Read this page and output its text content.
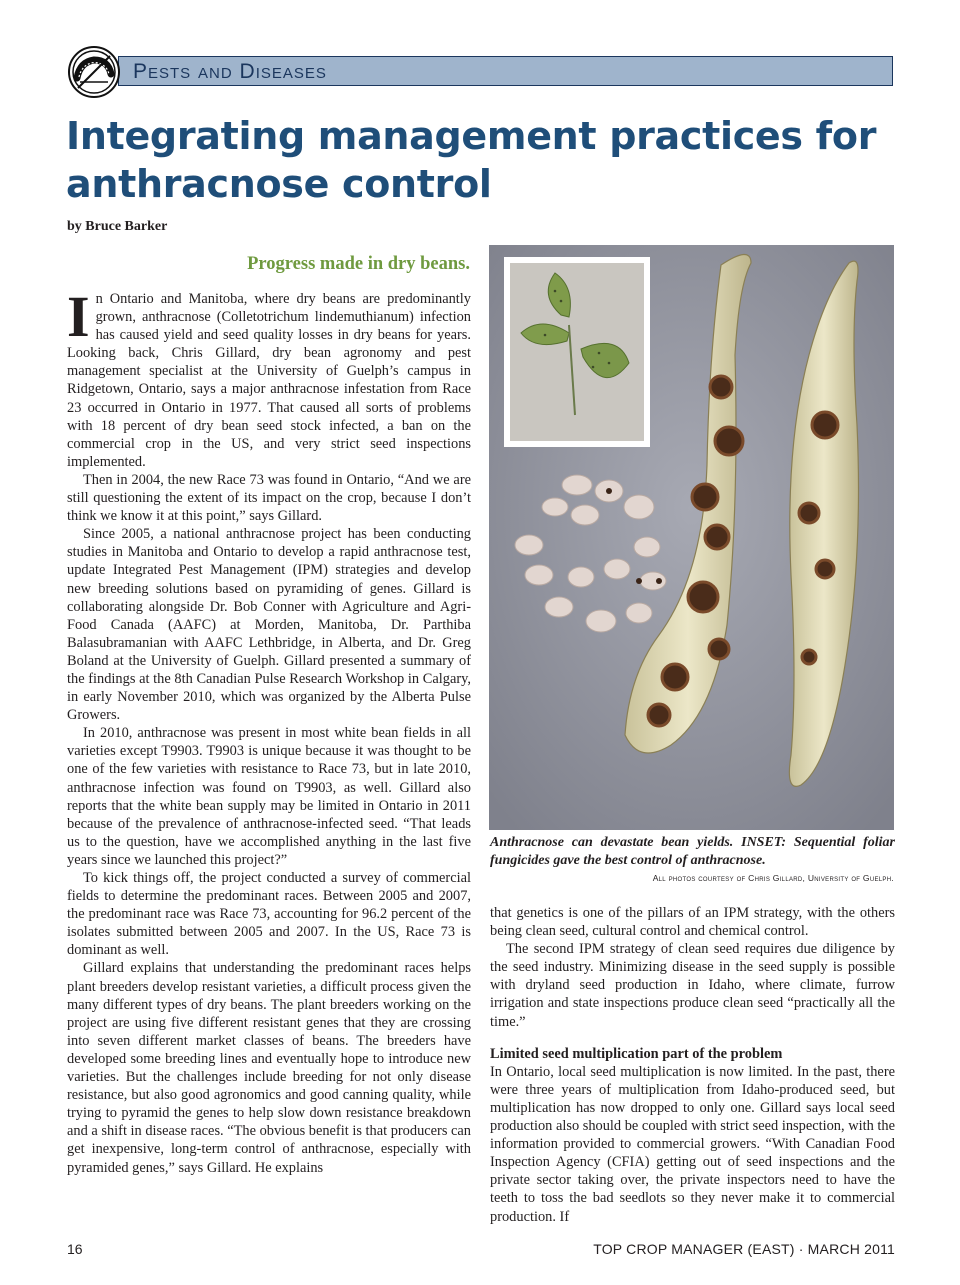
Pests and Diseases
Integrating management practices for anthracnose control
by Bruce Barker
Progress made in dry beans.

In Ontario and Manitoba, where dry beans are predominantly grown, anthracnose (Colletotrichum lindemuthianum) infection has caused yield and seed quality losses in dry beans for years. Looking back, Chris Gillard, dry bean agronomy and pest management specialist at the University of Guelph’s campus in Ridgetown, Ontario, says a major anthracnose infestation from Race 23 occurred in Ontario in 1977. That caused all sorts of problems with 18 percent of dry bean seed stock infected, a ban on the commercial crop in the US, and very strict seed inspections implemented.

Then in 2004, the new Race 73 was found in Ontario, “And we are still questioning the extent of its impact on the crop, because I don’t think we know it at this point,” says Gillard.

Since 2005, a national anthracnose project has been conducting studies in Manitoba and Ontario to develop a rapid anthracnose test, update Integrated Pest Management (IPM) strategies and develop new breeding solutions based on pyramiding of genes. Gillard is collaborating alongside Dr. Bob Conner with Agriculture and Agri-Food Canada (AAFC) at Morden, Manitoba, Dr. Parthiba Balasubramanian with AAFC Lethbridge, in Alberta, and Dr. Greg Boland at the University of Guelph. Gillard presented a summary of the findings at the 8th Canadian Pulse Research Workshop in Calgary, in early November 2010, which was organized by the Alberta Pulse Growers.

In 2010, anthracnose was present in most white bean fields in all varieties except T9903. T9903 is unique because it was thought to be one of the few varieties with resistance to Race 73, but in late 2010, anthracnose infection was found on T9903, as well. Gillard also reports that the white bean supply may be limited in Ontario in 2011 because of the prevalence of anthracnose-infected seed. “That leads us to the question, have we accomplished anything in the last five years since we launched this project?”

To kick things off, the project conducted a survey of commercial fields to determine the predominant races. Between 2005 and 2007, the predominant race was Race 73, accounting for 96.2 percent of the isolates submitted between 2005 and 2007. In the US, Race 73 is dominant as well.

Gillard explains that understanding the predominant races helps plant breeders develop resistant varieties, a difficult process given the many different types of dry beans. The plant breeders working on the project are using five different resistant genes that they are crossing into seven different market classes of beans. The breeders have developed some breeding lines and eventually hope to introduce new varieties. But the challenges include breeding for not only disease resistance, but also good agronomics and good canning quality, while trying to pyramid the genes to help slow down resistance breakdown and a shift in disease races. “The obvious benefit is that producers can get inexpensive, long-term control of anthracnose, especially with pyramided genes,” says Gillard. He explains

Anthracnose can devastate bean yields. INSET: Sequential foliar fungicides gave the best control of anthracnose.

All photos courtesy of Chris Gillard, University of Guelph.

that genetics is one of the pillars of an IPM strategy, with the others being clean seed, cultural control and chemical control.

The second IPM strategy of clean seed requires due diligence by the seed industry. Minimizing disease in the seed supply is possible with dryland seed production in Idaho, where climate, furrow irrigation and state inspections produce clean seed “practically all the time.”

Limited seed multiplication part of the problem

In Ontario, local seed multiplication is now limited. In the past, there were three years of multiplication from Idaho-produced seed, but multiplication has now dropped to only one. Gillard says local seed production also should be coupled with strict seed inspection, with the information provided to commercial growers. “With Canadian Food Inspection Agency (CFIA) getting out of seed inspections and the private sector taking over, the private inspectors need to have the teeth to toss the bad seedlots so they never make it to commercial production. If

16	TOP CROP MANAGER (EAST) · MARCH 2011
